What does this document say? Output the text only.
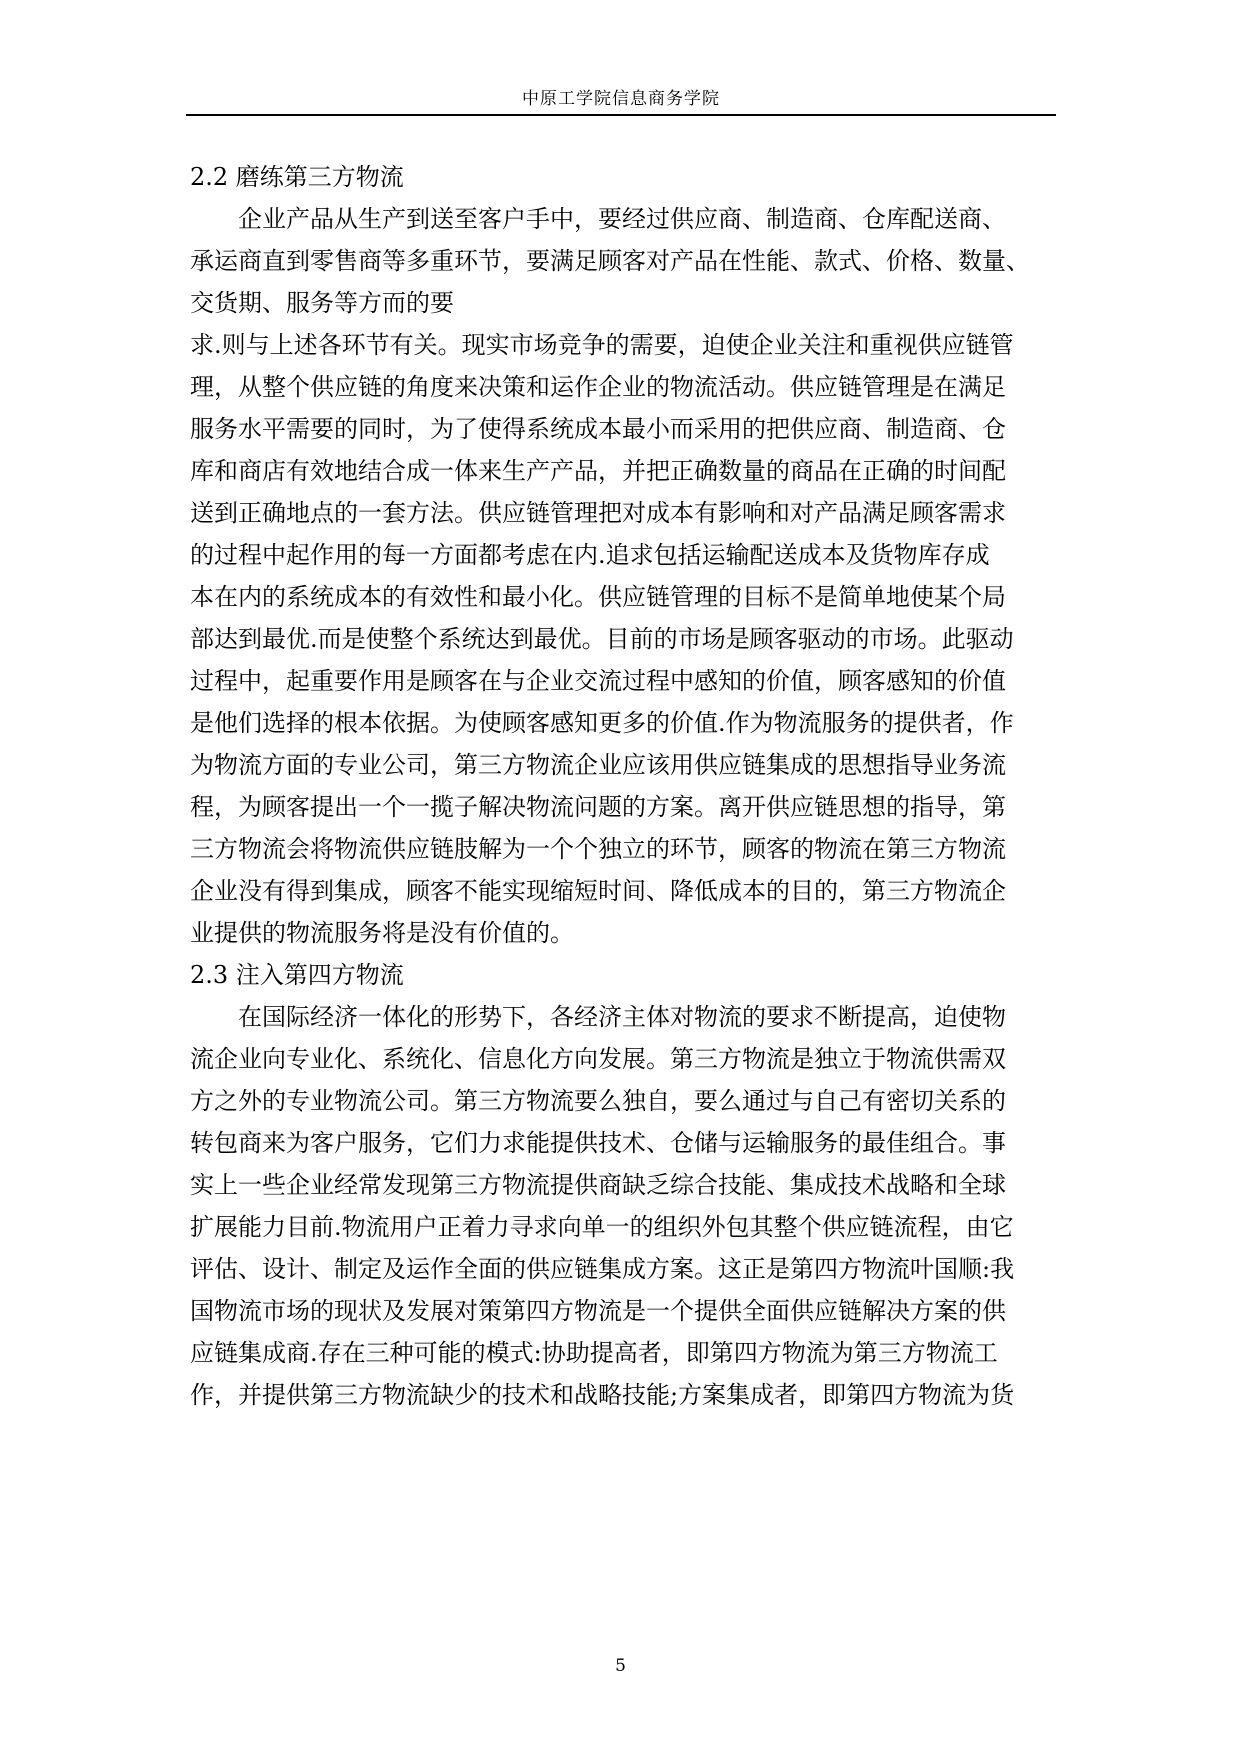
中原工学院信息商务学院

2.2 磨练第三方物流

企业产品从生产到送至客户手中，要经过供应商、制造商、仓库配送商、

承运商直到零售商等多重环节，要满足顾客对产品在性能、款式、价格、数量、

交货期、服务等方而的要

求.则与上述各环节有关。现实市场竞争的需要，迫使企业关注和重视供应链管

理，从整个供应链的角度来决策和运作企业的物流活动。供应链管理是在满足

服务水平需要的同时，为了使得系统成本最小而采用的把供应商、制造商、仓

库和商店有效地结合成一体来生产产品，并把正确数量的商品在正确的时间配

送到正确地点的一套方法。供应链管理把对成本有影响和对产品满足顾客需求

的过程中起作用的每一方面都考虑在内.追求包括运输配送成本及货物库存成

本在内的系统成本的有效性和最小化。供应链管理的目标不是简单地使某个局

部达到最优.而是使整个系统达到最优。目前的市场是顾客驱动的市场。此驱动

过程中，起重要作用是顾客在与企业交流过程中感知的价值，顾客感知的价值

是他们选择的根本依据。为使顾客感知更多的价值.作为物流服务的提供者，作

为物流方面的专业公司，第三方物流企业应该用供应链集成的思想指导业务流

程，为顾客提出一个一揽子解决物流问题的方案。离开供应链思想的指导，第

三方物流会将物流供应链肢解为一个个独立的环节，顾客的物流在第三方物流

企业没有得到集成，顾客不能实现缩短时间、降低成本的目的，第三方物流企

业提供的物流服务将是没有价值的。

2.3 注入第四方物流

在国际经济一体化的形势下，各经济主体对物流的要求不断提高，迫使物

流企业向专业化、系统化、信息化方向发展。第三方物流是独立于物流供需双

方之外的专业物流公司。第三方物流要么独自，要么通过与自己有密切关系的

转包商来为客户服务，它们力求能提供技术、仓储与运输服务的最佳组合。事

实上一些企业经常发现第三方物流提供商缺乏综合技能、集成技术战略和全球

扩展能力目前.物流用户正着力寻求向单一的组织外包其整个供应链流程，由它

评估、设计、制定及运作全面的供应链集成方案。这正是第四方物流叶国顺:我

国物流市场的现状及发展对策第四方物流是一个提供全面供应链解决方案的供

应链集成商.存在三种可能的模式:协助提高者，即第四方物流为第三方物流工

作，并提供第三方物流缺少的技术和战略技能;方案集成者，即第四方物流为货

5
